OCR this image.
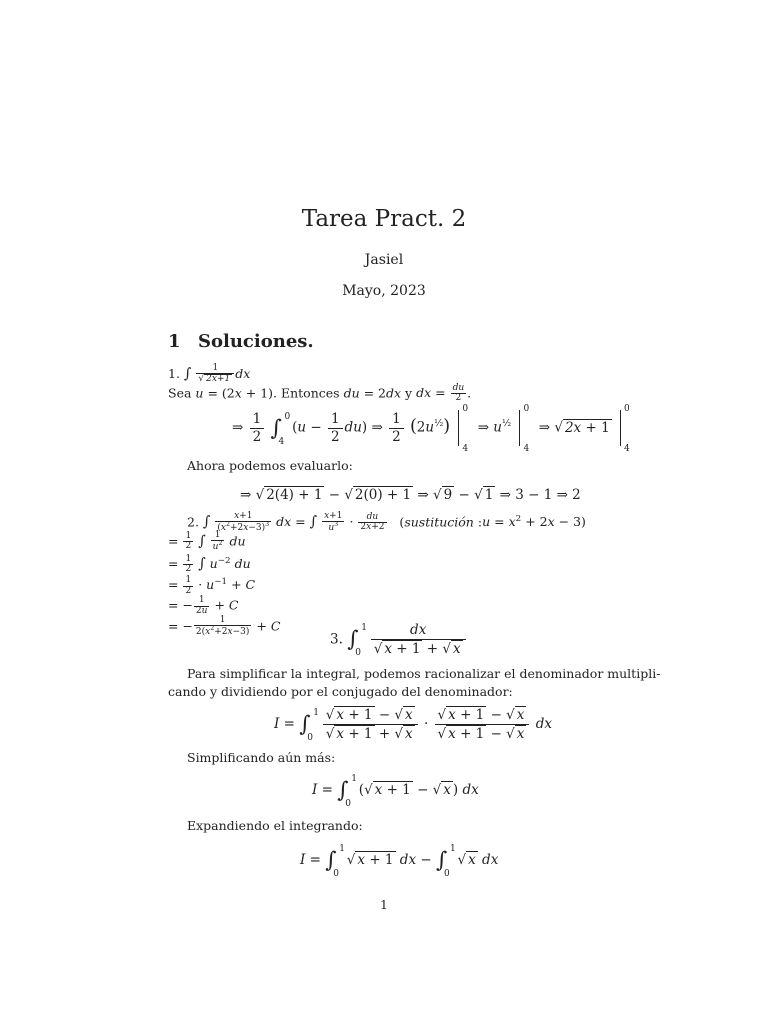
Tarea Pract. 2
Jasiel
Mayo, 2023
1 Soluciones.
1. ∫ $\frac{1}{√ 2x+1}$ dx
Sea u = (2x + 1). Entonces du = 2dx y dx = $\frac{du}{2}$ .
⇒ $\frac{1}{2}$ ∫ 0
4
$(u - \frac{1}{2} du)$ ⇒ $\frac{1}{2} (2u^{\frac{1}{2}})$
0
4
⇒ $u^{\frac{1}{2}}$
0
4
⇒ √ 2x + 1
0
4
Ahora podemos evaluarlo:
⇒ √ 2(4) + 1 − √ 2(0) + 1 ⇒ √ 9 − √ 1 ⇒ 3 − 1 ⇒ 2
2. ∫ $\frac{x+1}{(x^2+2x-3)^3}$ dx = ∫ $\frac{x+1}{u^3} \cdot \frac{du}{2x+2}$ (sustitución :u = $x^2 + 2x - 3$)
= $\frac{1}{2}$ ∫ $\frac{1}{u^2}$ du
= $\frac{1}{2}$ ∫ $u^{-2}$ du
= $\frac{1}{2} \cdot u^{-1} + C$
= − $\frac{1}{2u} + C$
= − $\frac{1}{2(x^2+2x-3)} + C$
3. ∫ 1
0
$\frac{dx}{√ x + 1 + √ x}$
Para simplificar la integral, podemos racionalizar el denominador multipli-
cando y dividiendo por el conjugado del denominador:
I = ∫ 1
0
$\frac{√ x + 1 - √ x}{√ x + 1 + √ x} \cdot \frac{√ x + 1 - √ x}{√ x + 1 - √ x}$ dx
Simplificando aún más:
I = ∫ 1
0
(√ x + 1 − √ x ) dx
Expandiendo el integrando:
I = ∫ 1
0
√ x + 1 dx − ∫ 1
0
√ x dx
1
